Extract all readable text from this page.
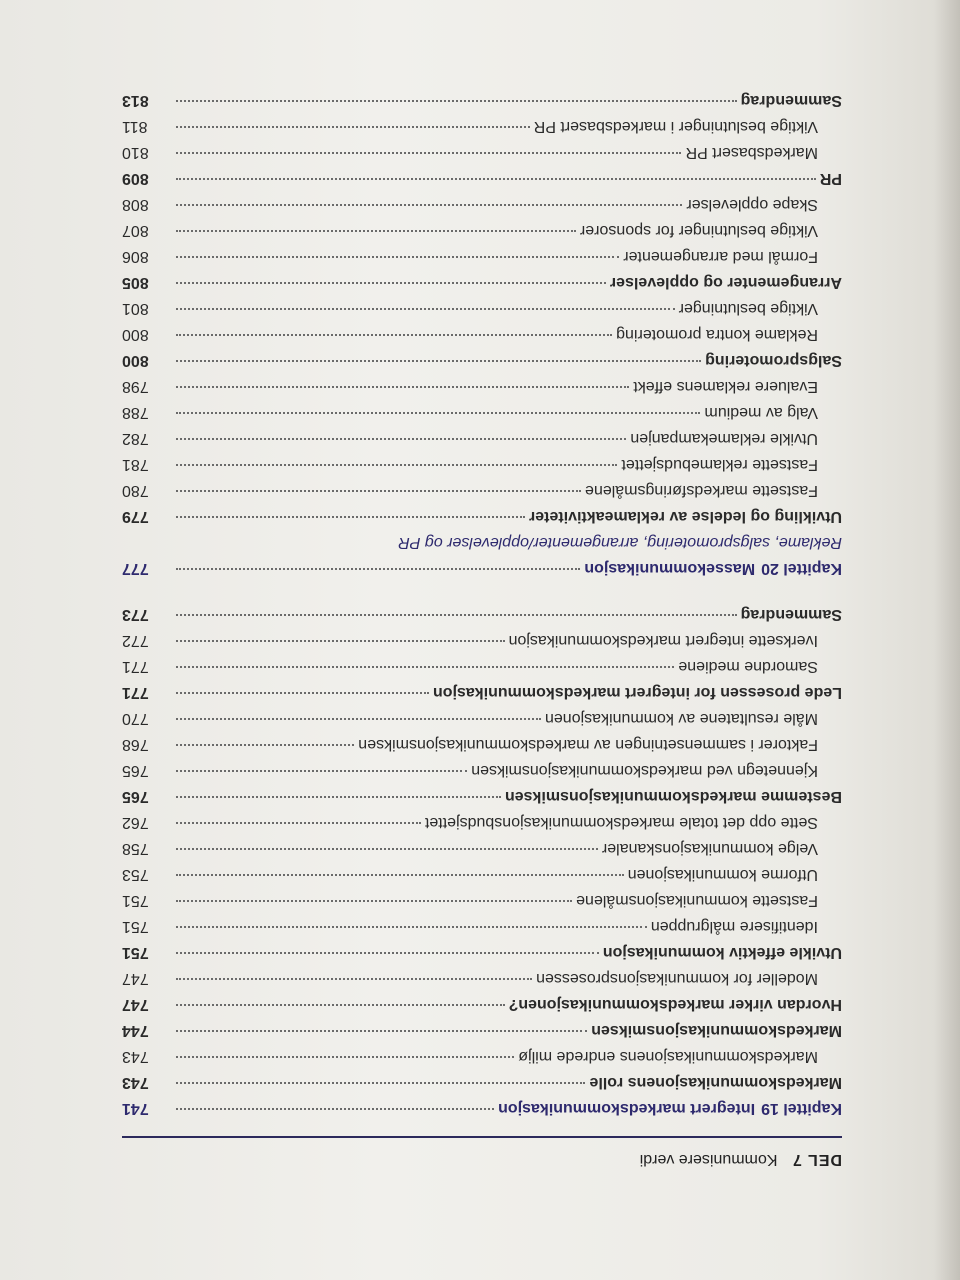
DEL 7 Kommunisere verdi
Kapittel 19Integrert markedskommunikasjon
741
Markedskommunikasjonens rolle
743
Markedskommunikasjonens endrede miljø
743
Markedskommunikasjonsmiksen
744
Hvordan virker markedskommunikasjonen?
747
Modeller for kommunikasjonsprosessen
747
Utvikle effektiv kommunikasjon
751
Identifisere målgruppen
751
Fastsette kommunikasjonsmålene
751
Utforme kommunikasjonen
753
Velge kommunikasjonskanaler
758
Sette opp det totale markedskommunikasjonsbudsjettet
762
Bestemme markedskommunikasjonsmiksen
765
Kjennetegn ved markedskommunikasjonsmiksen
765
Faktorer i sammensetningen av markedskommunikasjonsmiksen
768
Måle resultatene av kommunikasjonen
770
Lede prosessen for integrert markedskommunikasjon
771
Samordne mediene
771
Iverksette integrert markedskommunikasjon
772
Sammendrag
773
Kapittel 20Massekommunikasjon
777
Reklame, salgspromotering, arrangementer/opplevelser og PR
Utvikling og ledelse av reklameaktiviteter
779
Fastsette markedsføringsmålene
780
Fastsette reklamebudsjettet
781
Utvikle reklamekampanjen
782
Valg av medium
788
Evaluere reklamens effekt
798
Salgspromotering
800
Reklame kontra promotering
800
Viktige beslutninger
801
Arrangementer og opplevelser
805
Formål med arrangementer
806
Viktige beslutninger for sponsorer
807
Skape opplevelser
808
PR
809
Markedsbasert PR
810
Viktige beslutninger i markedsbasert PR
811
Sammendrag
813
